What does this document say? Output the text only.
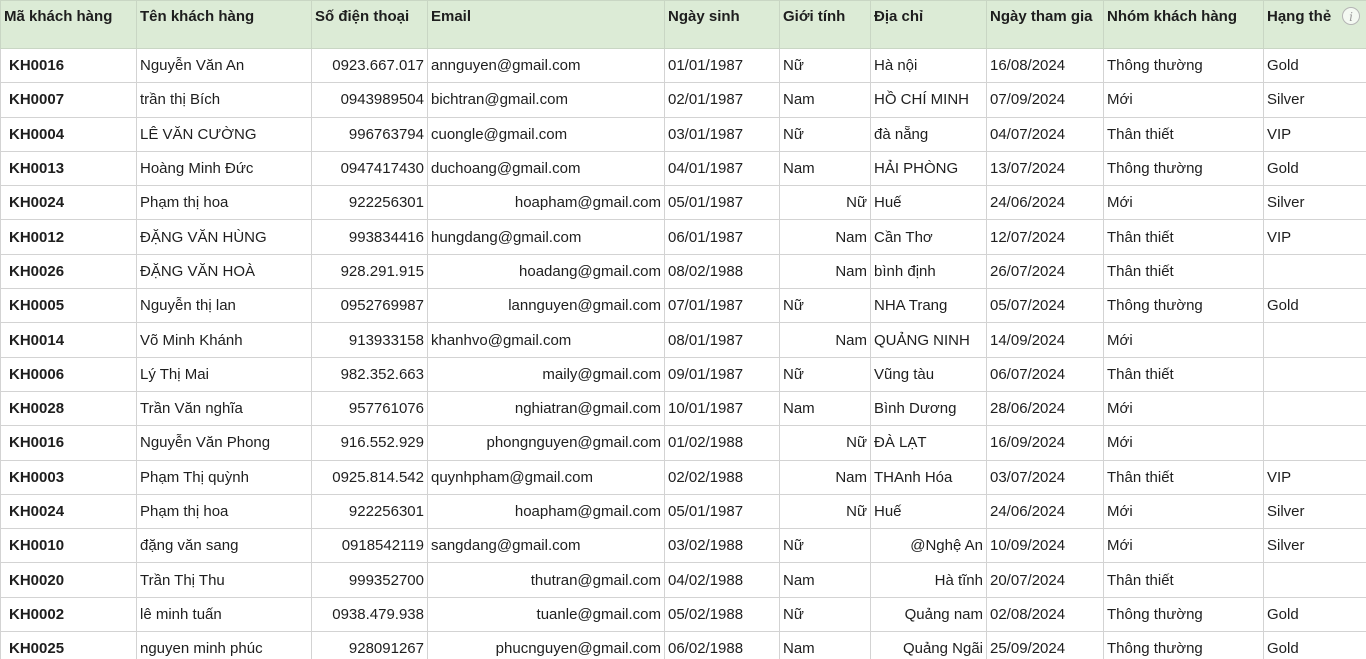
Mã khách hàng	Tên khách hàng	Số điện thoại	Email	Ngày sinh	Giới tính	Địa chỉ	Ngày tham gia	Nhóm khách hàng	Hạng thẻ
KH0016	Nguyễn Văn An	0923.667.017	annguyen@gmail.com	01/01/1987	Nữ	Hà nội	16/08/2024	Thông thường	Gold
KH0007	trần thị Bích	0943989504	bichtran@gmail.com	02/01/1987	Nam	HỒ CHÍ MINH	07/09/2024	Mới	Silver
KH0004	LÊ VĂN CƯỜNG	996763794	cuongle@gmail.com	03/01/1987	Nữ	đà nẵng	04/07/2024	Thân thiết	VIP
KH0013	Hoàng Minh Đức	0947417430	duchoang@gmail.com	04/01/1987	Nam	HẢI PHÒNG	13/07/2024	Thông thường	Gold
KH0024	Phạm thị hoa	922256301	hoapham@gmail.com	05/01/1987	Nữ	Huế	24/06/2024	Mới	Silver
KH0012	ĐẶNG VĂN HÙNG	993834416	hungdang@gmail.com	06/01/1987	Nam	Cần Thơ	12/07/2024	Thân thiết	VIP
KH0026	ĐẶNG VĂN HOÀ	928.291.915	hoadang@gmail.com	08/02/1988	Nam	bình định	26/07/2024	Thân thiết	
KH0005	Nguyễn thị lan	0952769987	lannguyen@gmail.com	07/01/1987	Nữ	NHA Trang	05/07/2024	Thông thường	Gold
KH0014	Võ Minh Khánh	913933158	khanhvo@gmail.com	08/01/1987	Nam	QUẢNG NINH	14/09/2024	Mới	
KH0006	Lý Thị Mai	982.352.663	maily@gmail.com	09/01/1987	Nữ	Vũng tàu	06/07/2024	Thân thiết	
KH0028	Trần Văn nghĩa	957761076	nghiatran@gmail.com	10/01/1987	Nam	Bình Dương	28/06/2024	Mới	
KH0016	Nguyễn Văn Phong	916.552.929	phongnguyen@gmail.com	01/02/1988	Nữ	ĐÀ LẠT	16/09/2024	Mới	
KH0003	Phạm Thị quỳnh	0925.814.542	quynhpham@gmail.com	02/02/1988	Nam	THAnh Hóa	03/07/2024	Thân thiết	VIP
KH0024	Phạm thị hoa	922256301	hoapham@gmail.com	05/01/1987	Nữ	Huế	24/06/2024	Mới	Silver
KH0010	đặng văn sang	0918542119	sangdang@gmail.com	03/02/1988	Nữ	@Nghệ An	10/09/2024	Mới	Silver
KH0020	Trần Thị Thu	999352700	thutran@gmail.com	04/02/1988	Nam	Hà tĩnh	20/07/2024	Thân thiết	
KH0002	lê minh tuấn	0938.479.938	tuanle@gmail.com	05/02/1988	Nữ	Quảng nam	02/08/2024	Thông thường	Gold
KH0025	nguyen minh phúc	928091267	phucnguyen@gmail.com	06/02/1988	Nam	Quảng Ngãi	25/09/2024	Thông thường	Gold
i
